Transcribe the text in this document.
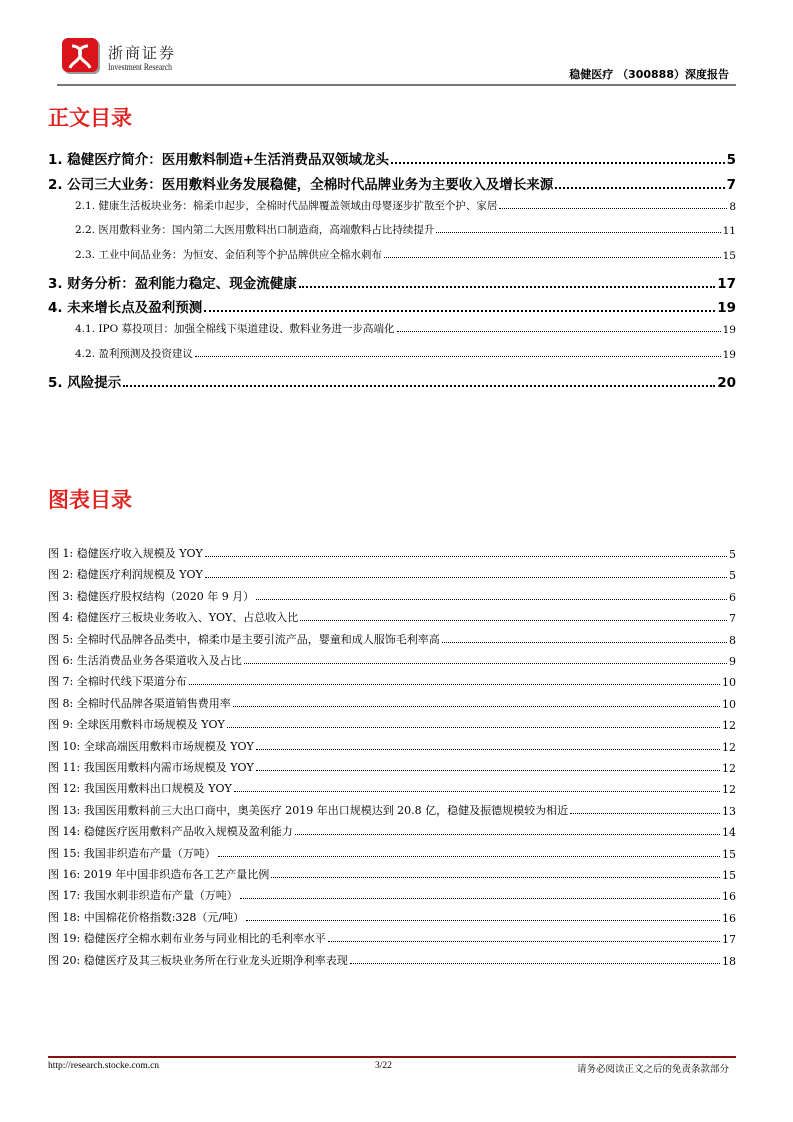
浙商证券
Investment Research
稳健医疗 （300888）深度报告
正文目录
1. 稳健医疗简介：医用敷料制造+生活消费品双领域龙头	5
2. 公司三大业务：医用敷料业务发展稳健，全棉时代品牌业务为主要收入及增长来源	7
2.1. 健康生活板块业务：棉柔巾起步，全棉时代品牌覆盖领域由母婴逐步扩散至个护、家居	8
2.2. 医用敷料业务：国内第二大医用敷料出口制造商，高端敷料占比持续提升	11
2.3. 工业中间品业务：为恒安、金佰利等个护品牌供应全棉水刺布	15
3. 财务分析：盈利能力稳定、现金流健康	17
4. 未来增长点及盈利预测	19
4.1. IPO 募投项目：加强全棉线下渠道建设、敷料业务进一步高端化	19
4.2. 盈利预测及投资建议	19
5. 风险提示	20
图表目录
图 1: 稳健医疗收入规模及 YOY	5
图 2: 稳健医疗利润规模及 YOY	5
图 3: 稳健医疗股权结构（2020 年 9 月）	6
图 4: 稳健医疗三板块业务收入、YOY、占总收入比	7
图 5: 全棉时代品牌各品类中，棉柔巾是主要引流产品，婴童和成人服饰毛利率高	8
图 6: 生活消费品业务各渠道收入及占比	9
图 7: 全棉时代线下渠道分布	10
图 8: 全棉时代品牌各渠道销售费用率	10
图 9: 全球医用敷料市场规模及 YOY	12
图 10: 全球高端医用敷料市场规模及 YOY	12
图 11: 我国医用敷料内需市场规模及 YOY	12
图 12: 我国医用敷料出口规模及 YOY	12
图 13: 我国医用敷料前三大出口商中，奥美医疗 2019 年出口规模达到 20.8 亿，稳健及振德规模较为相近	13
图 14: 稳健医疗医用敷料产品收入规模及盈利能力	14
图 15: 我国非织造布产量（万吨）	15
图 16: 2019 年中国非织造布各工艺产量比例	15
图 17: 我国水刺非织造布产量（万吨）	16
图 18: 中国棉花价格指数:328（元/吨）	16
图 19: 稳健医疗全棉水刺布业务与同业相比的毛利率水平	17
图 20: 稳健医疗及其三板块业务所在行业龙头近期净利率表现	18
http://research.stocke.com.cn	3/22	请务必阅读正文之后的免责条款部分
